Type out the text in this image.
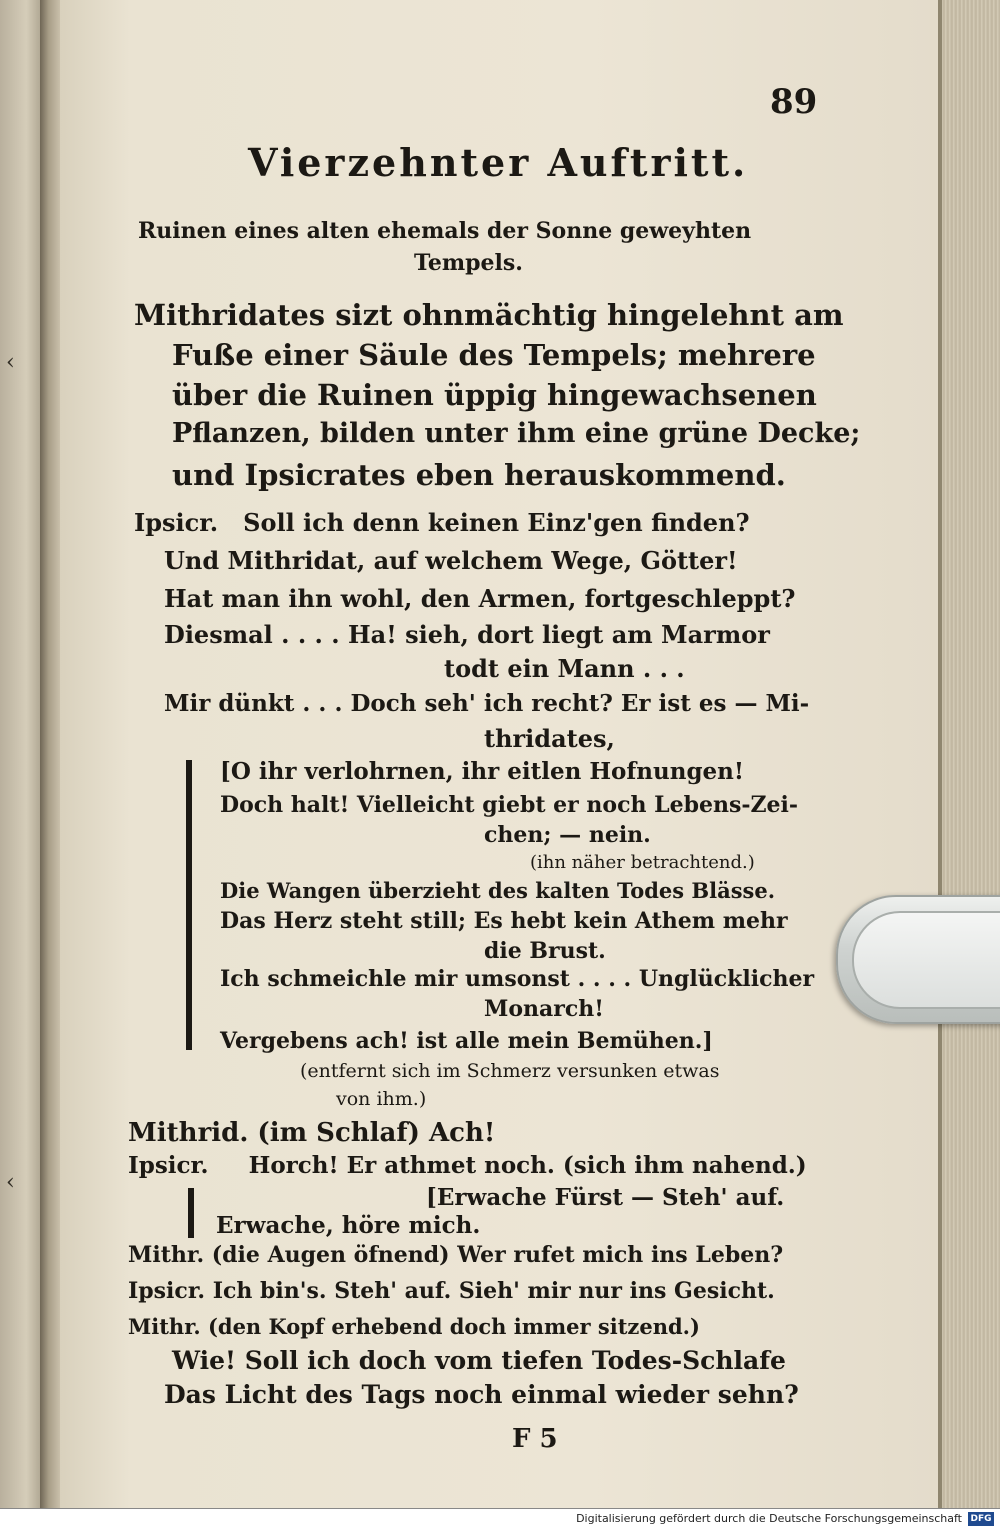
‹
‹
89
Vierzehnter Auftritt.
Ruinen eines alten ehemals der Sonne geweyhten
Tempels.
Mithridates sizt ohnmächtig hingelehnt am
Fuße einer Säule des Tempels; mehrere
über die Ruinen üppig hingewachsenen
Pflanzen, bilden unter ihm eine grüne Decke;
und Ipsicrates eben herauskommend.
Ipsicr.   Soll ich denn keinen Einz'gen finden?
Und Mithridat, auf welchem Wege, Götter!
Hat man ihn wohl, den Armen, fortgeschleppt?
Diesmal . . . . Ha! sieh, dort liegt am Marmor
todt ein Mann . . .
Mir dünkt . . . Doch seh' ich recht? Er ist es — Mi-
thridates,
[O ihr verlohrnen, ihr eitlen Hofnungen!
Doch halt! Vielleicht giebt er noch Lebens-Zei-
chen; — nein.
(ihn näher betrachtend.)
Die Wangen überzieht des kalten Todes Blässe.
Das Herz steht still; Es hebt kein Athem mehr
die Brust.
Ich schmeichle mir umsonst . . . . Unglücklicher
Monarch!
Vergebens ach! ist alle mein Bemühen.]
(entfernt sich im Schmerz versunken etwas
von ihm.)
Mithrid. (im Schlaf) Ach!
Ipsicr.     Horch! Er athmet noch. (sich ihm nahend.)
[Erwache Fürst — Steh' auf.
Erwache, höre mich.
Mithr. (die Augen öfnend) Wer rufet mich ins Leben?
Ipsicr. Ich bin's. Steh' auf. Sieh' mir nur ins Gesicht.
Mithr. (den Kopf erhebend doch immer sitzend.)
Wie! Soll ich doch vom tiefen Todes-Schlafe
Das Licht des Tags noch einmal wieder sehn?
F 5
Digitalisierung gefördert durch die Deutsche Forschungsgemeinschaft DFG
